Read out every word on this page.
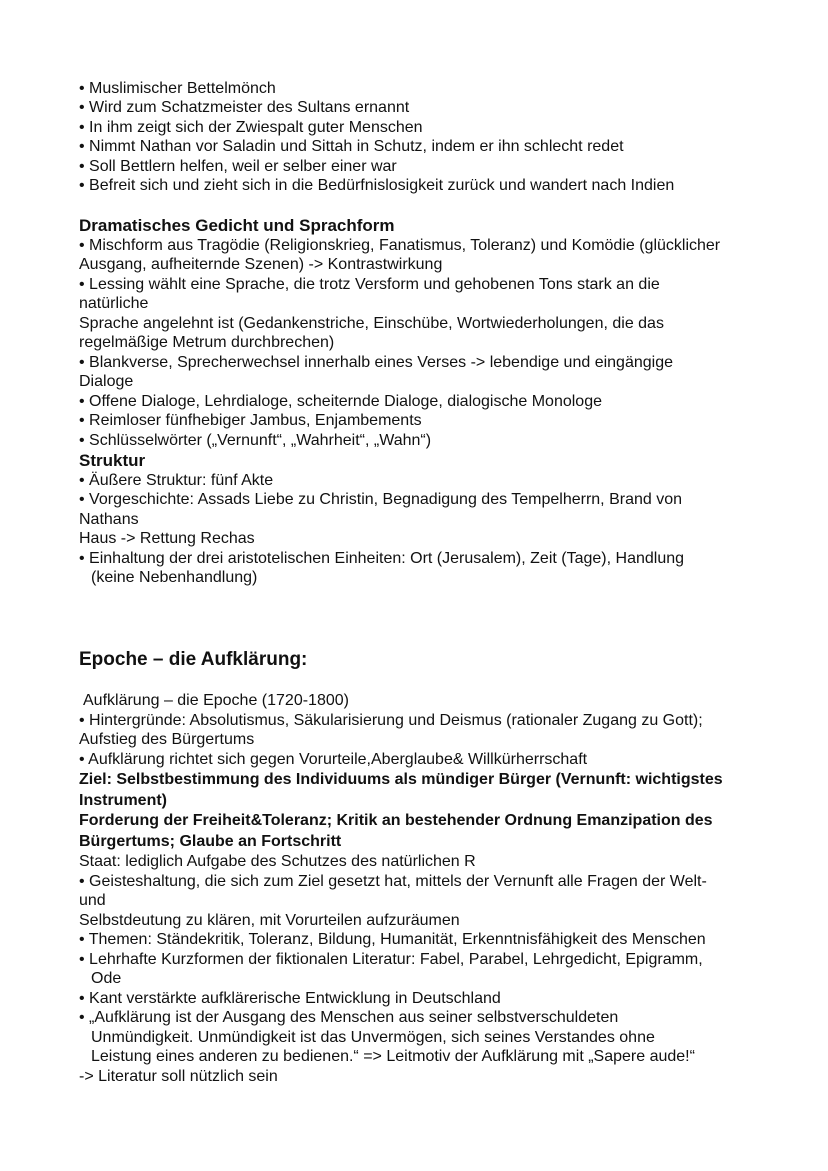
• Muslimischer Bettelmönch
• Wird zum Schatzmeister des Sultans ernannt
• In ihm zeigt sich der Zwiespalt guter Menschen
• Nimmt Nathan vor Saladin und Sittah in Schutz, indem er ihn schlecht redet
• Soll Bettlern helfen, weil er selber einer war
• Befreit sich und zieht sich in die Bedürfnislosigkeit zurück und wandert nach Indien
Dramatisches Gedicht und Sprachform
• Mischform aus Tragödie (Religionskrieg, Fanatismus, Toleranz) und Komödie (glücklicher
Ausgang, aufheiternde Szenen) -> Kontrastwirkung
• Lessing wählt eine Sprache, die trotz Versform und gehobenen Tons stark an die
natürliche
Sprache angelehnt ist (Gedankenstriche, Einschübe, Wortwiederholungen, die das
regelmäßige Metrum durchbrechen)
• Blankverse, Sprecherwechsel innerhalb eines Verses -> lebendige und eingängige
Dialoge
• Offene Dialoge, Lehrdialoge, scheiternde Dialoge, dialogische Monologe
• Reimloser fünfhebiger Jambus, Enjambements
• Schlüsselwörter („Vernunft“, „Wahrheit“, „Wahn“)
Struktur
• Äußere Struktur: fünf Akte
• Vorgeschichte: Assads Liebe zu Christin, Begnadigung des Tempelherrn, Brand von
Nathans
Haus -> Rettung Rechas
• Einhaltung der drei aristotelischen Einheiten: Ort (Jerusalem), Zeit (Tage), Handlung
(keine Nebenhandlung)
Epoche – die Aufklärung:
Aufklärung – die Epoche (1720-1800)
• Hintergründe: Absolutismus, Säkularisierung und Deismus (rationaler Zugang zu Gott);
Aufstieg des Bürgertums
• Aufklärung richtet sich gegen Vorurteile,Aberglaube& Willkürherrschaft
Ziel: Selbstbestimmung des Individuums als mündiger Bürger (Vernunft: wichtigstes
Instrument)
Forderung der Freiheit&Toleranz; Kritik an bestehender Ordnung Emanzipation des
Bürgertums; Glaube an Fortschritt
Staat: lediglich Aufgabe des Schutzes des natürlichen R
• Geisteshaltung, die sich zum Ziel gesetzt hat, mittels der Vernunft alle Fragen der Welt-
und
Selbstdeutung zu klären, mit Vorurteilen aufzuräumen
• Themen: Ständekritik, Toleranz, Bildung, Humanität, Erkenntnisfähigkeit des Menschen
• Lehrhafte Kurzformen der fiktionalen Literatur: Fabel, Parabel, Lehrgedicht, Epigramm,
Ode
• Kant verstärkte aufklärerische Entwicklung in Deutschland
• „Aufklärung ist der Ausgang des Menschen aus seiner selbstverschuldeten
Unmündigkeit. Unmündigkeit ist das Unvermögen, sich seines Verstandes ohne
Leistung eines anderen zu bedienen.“ => Leitmotiv der Aufklärung mit „Sapere aude!“
-> Literatur soll nützlich sein
